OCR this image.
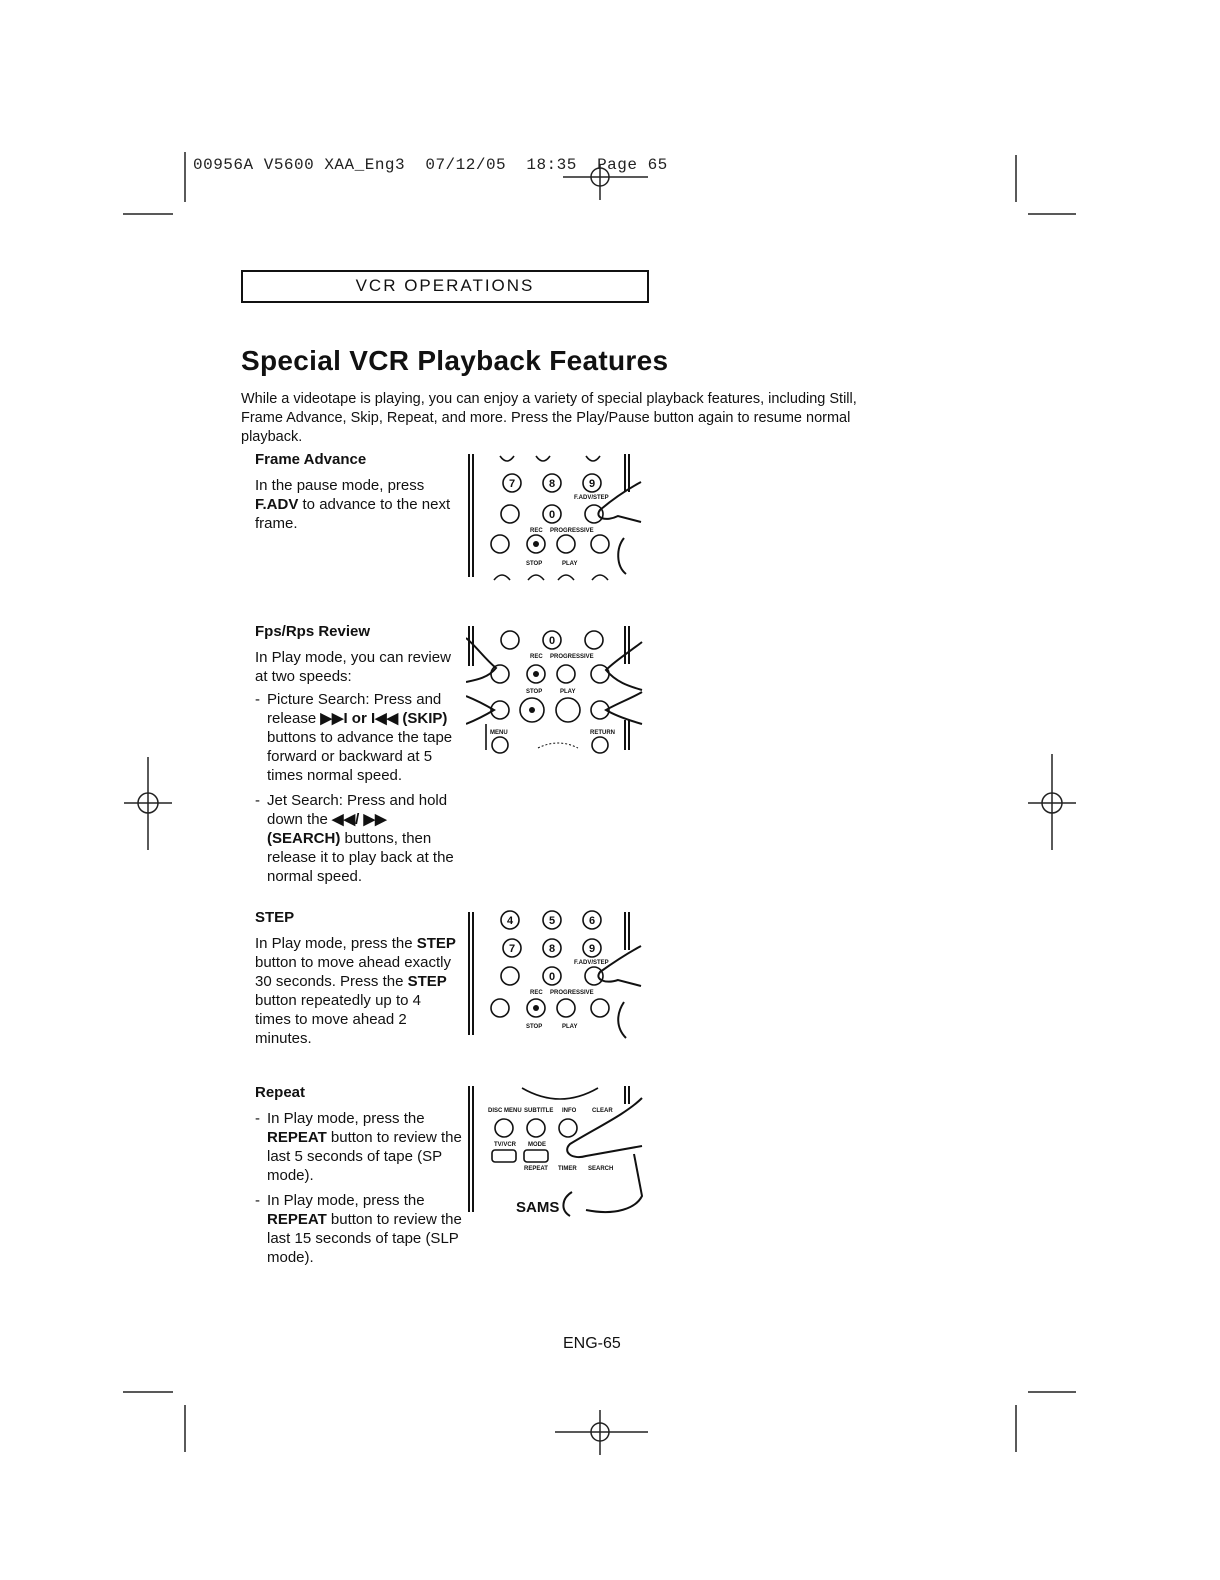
00956A V5600 XAA_Eng3  07/12/05  18:35  Page 65
VCR OPERATIONS
Special VCR Playback Features
While a videotape is playing, you can enjoy a variety of special playback features, including Still, Frame Advance, Skip, Repeat, and more. Press the Play/Pause button again to resume normal playback.
Frame Advance
In the pause mode, press F.ADV to advance to the next frame.
Fps/Rps Review
In Play mode, you can review at two speeds:
- Picture Search: Press and release ▶▶I or I◀◀ (SKIP) buttons to advance the tape forward or backward at 5 times normal speed.
- Jet Search: Press and hold down the ◀◀/ ▶▶ (SEARCH) buttons, then release it to play back at the normal speed.
STEP
In Play mode, press the STEP button to move ahead exactly 30 seconds. Press the STEP button repeatedly up to 4 times to move ahead 2 minutes.
Repeat
- In Play mode, press the REPEAT button to review the last 5 seconds of tape (SP mode).
- In Play mode, press the REPEAT button to review the last 15 seconds of tape (SLP mode).
7	8	9
F.ADV/STEP
0
REC PROGRESSIVE
STOP	PLAY
0
REC PROGRESSIVE
STOP	PLAY
MENU	RETURN
4	5	6
7	8	9
F.ADV/STEP
0
REC PROGRESSIVE
STOP	PLAY
DISC MENU SUBTITLE INFO	CLEAR
TV/VCR MODE
REPEAT TIMER SEARCH
SAMS
ENG-65
